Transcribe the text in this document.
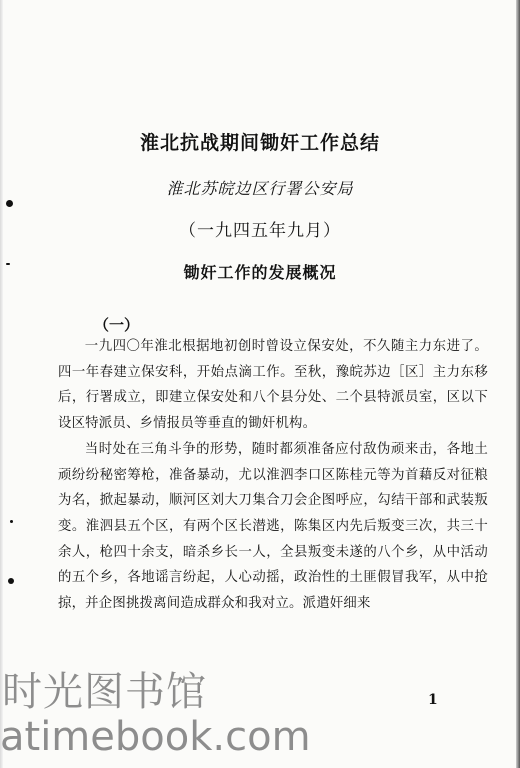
淮北抗战期间锄奸工作总结
淮北苏皖边区行署公安局
（一九四五年九月）
锄奸工作的发展概况
（一）

一九四〇年淮北根据地初创时曾设立保安处，不久随主力东进了。四一年春建立保安科，开始点滴工作。至秋，豫皖苏边［区］主力东移后，行署成立，即建立保安处和八个县分处、二个县特派员室，区以下设区特派员、乡情报员等垂直的锄奸机构。

当时处在三角斗争的形势，随时都须准备应付敌伪顽来击，各地土顽纷纷秘密筹枪，准备暴动，尤以淮泗李口区陈桂元等为首藉反对征粮为名，掀起暴动，顺河区刘大刀集合刀会企图呼应，勾结干部和武装叛变。淮泗县五个区，有两个区长潜逃，陈集区内先后叛变三次，共三十余人，枪四十余支，暗杀乡长一人，全县叛变未遂的八个乡，从中活动的五个乡，各地谣言纷起，人心动摇，政治性的土匪假冒我军，从中抢掠，并企图挑拨离间造成群众和我对立。派遣奸细来

1
时光图书馆
atimebook.com
